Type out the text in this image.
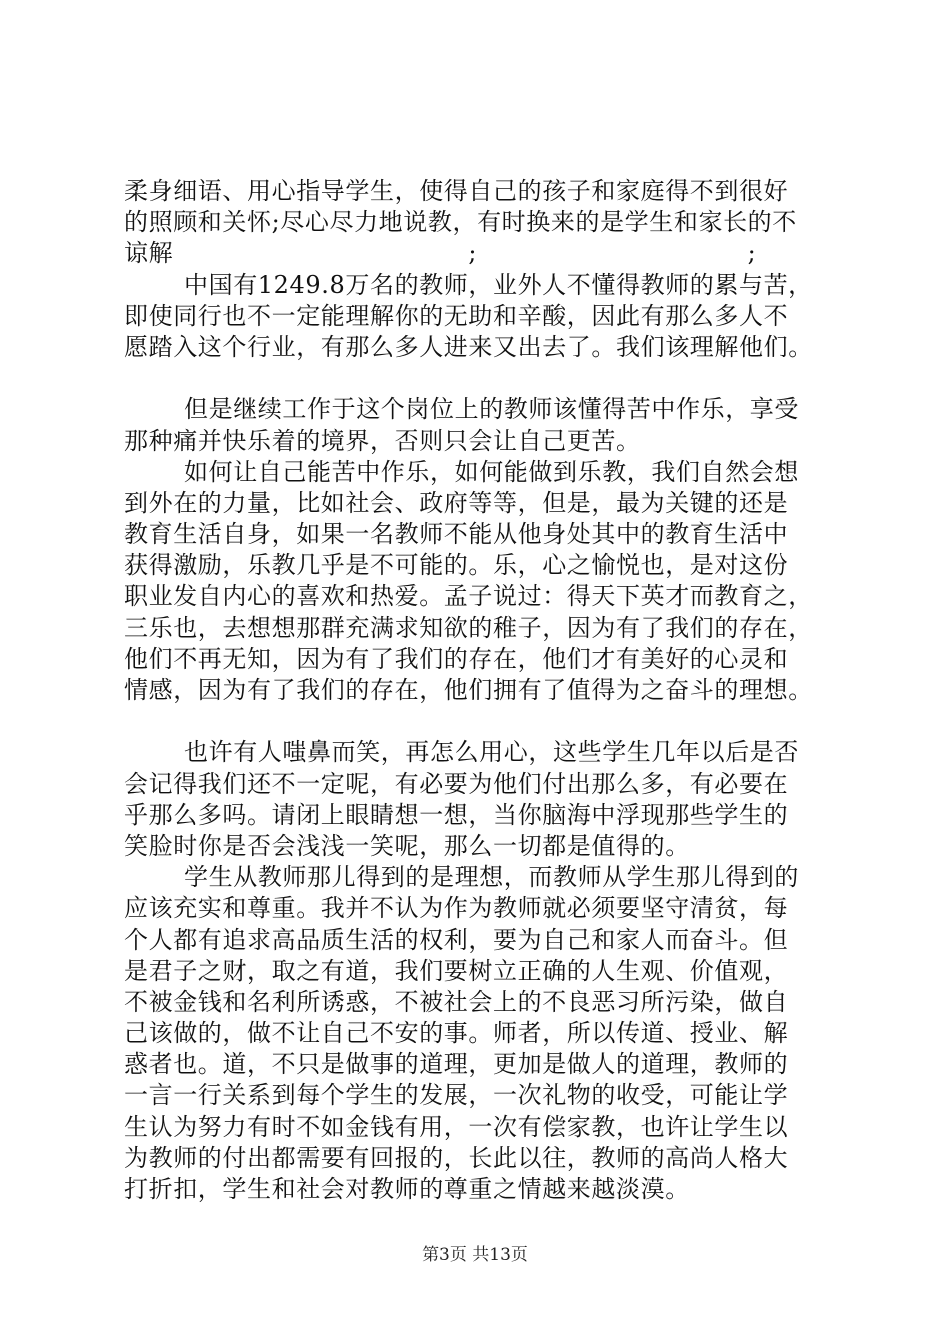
柔身细语、用心指导学生，使得自己的孩子和家庭得不到很好
的照顾和关怀;尽心尽力地说教，有时换来的是学生和家长的不
谅解　　　　　　　　　　　　;　　　　　　　　　　　;
中国有1249.8万名的教师，业外人不懂得教师的累与苦，
即使同行也不一定能理解你的无助和辛酸，因此有那么多人不
愿踏入这个行业，有那么多人进来又出去了。我们该理解他们。
但是继续工作于这个岗位上的教师该懂得苦中作乐，享受
那种痛并快乐着的境界，否则只会让自己更苦。
如何让自己能苦中作乐，如何能做到乐教，我们自然会想
到外在的力量，比如社会、政府等等，但是，最为关键的还是
教育生活自身，如果一名教师不能从他身处其中的教育生活中
获得激励，乐教几乎是不可能的。乐，心之愉悦也，是对这份
职业发自内心的喜欢和热爱。孟子说过：得天下英才而教育之，
三乐也，去想想那群充满求知欲的稚子，因为有了我们的存在，
他们不再无知，因为有了我们的存在，他们才有美好的心灵和
情感，因为有了我们的存在，他们拥有了值得为之奋斗的理想。
也许有人嗤鼻而笑，再怎么用心，这些学生几年以后是否
会记得我们还不一定呢，有必要为他们付出那么多，有必要在
乎那么多吗。请闭上眼睛想一想，当你脑海中浮现那些学生的
笑脸时你是否会浅浅一笑呢，那么一切都是值得的。
学生从教师那儿得到的是理想，而教师从学生那儿得到的
应该充实和尊重。我并不认为作为教师就必须要坚守清贫，每
个人都有追求高品质生活的权利，要为自己和家人而奋斗。但
是君子之财，取之有道，我们要树立正确的人生观、价值观，
不被金钱和名利所诱惑，不被社会上的不良恶习所污染，做自
己该做的，做不让自己不安的事。师者，所以传道、授业、解
惑者也。道，不只是做事的道理，更加是做人的道理，教师的
一言一行关系到每个学生的发展，一次礼物的收受，可能让学
生认为努力有时不如金钱有用，一次有偿家教，也许让学生以
为教师的付出都需要有回报的，长此以往，教师的高尚人格大
打折扣，学生和社会对教师的尊重之情越来越淡漠。
第3页 共13页
